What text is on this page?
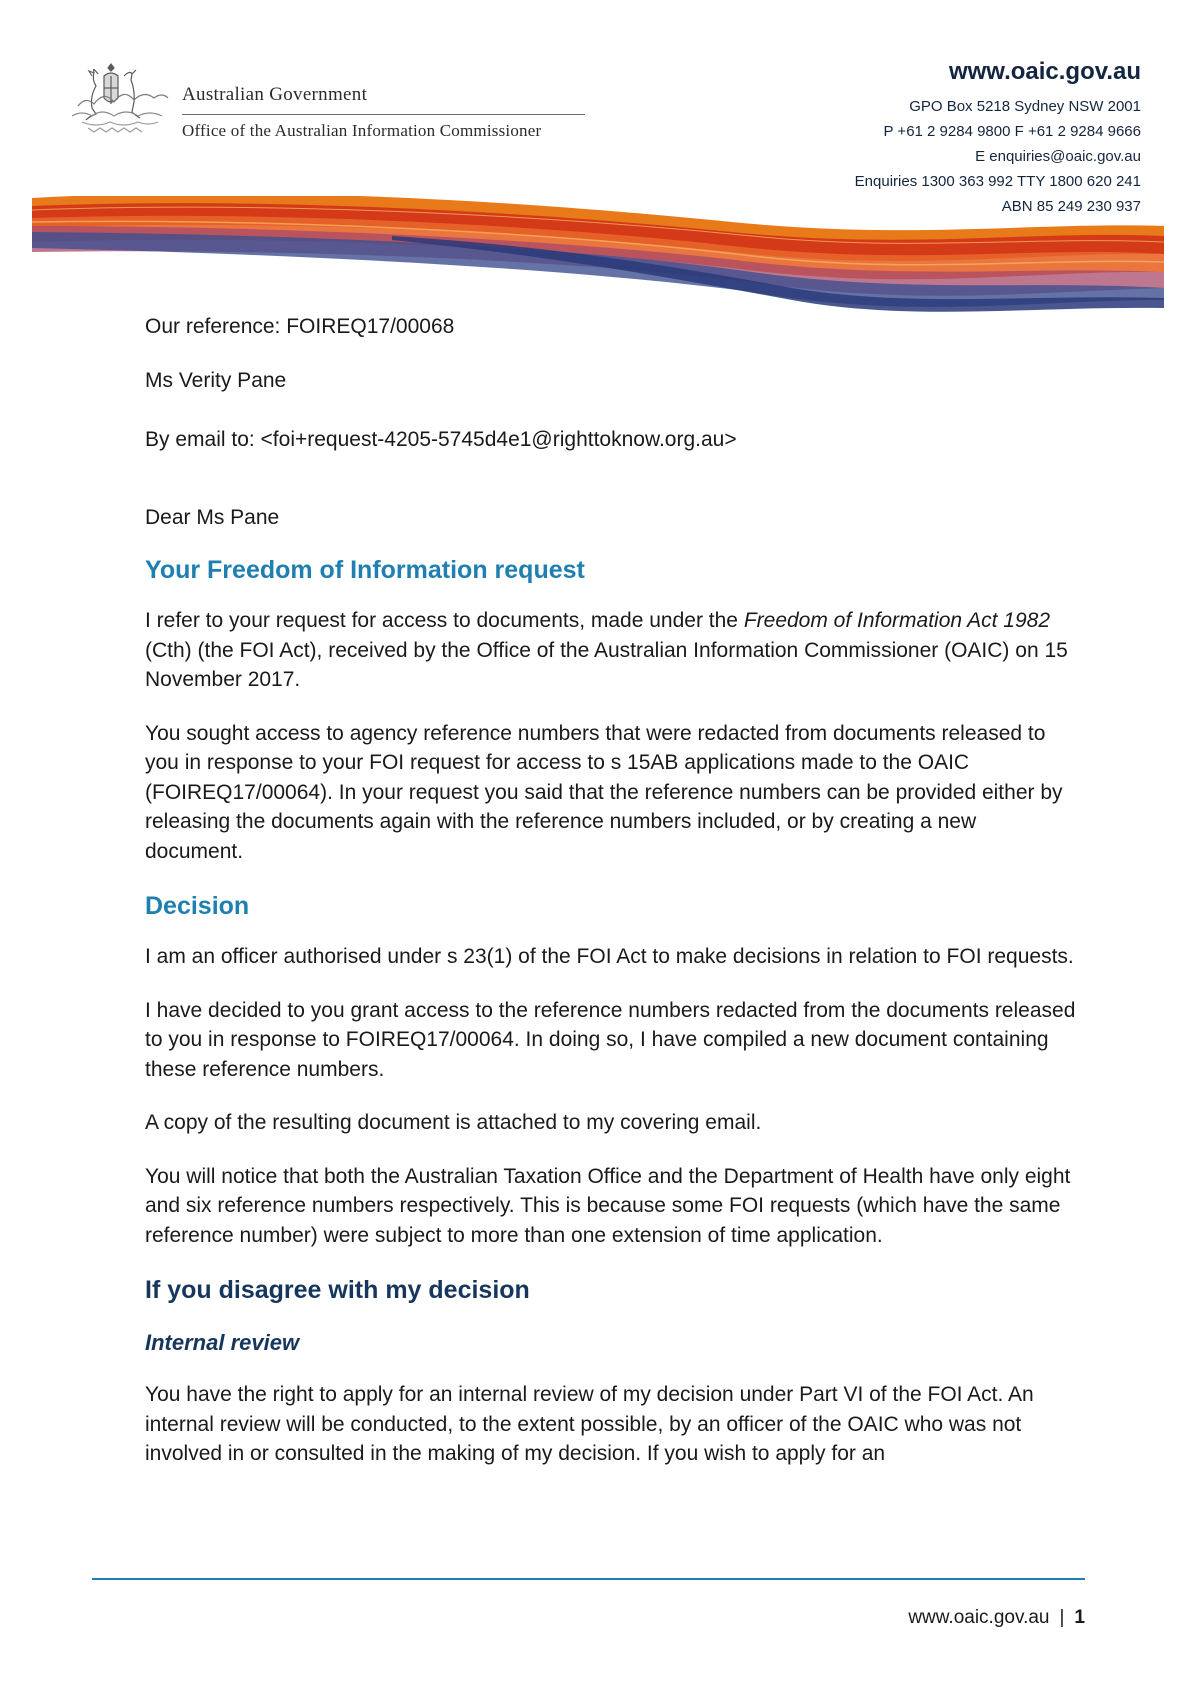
Australian Government
Office of the Australian Information Commissioner
www.oaic.gov.au
GPO Box 5218 Sydney NSW 2001
P +61 2 9284 9800 F +61 2 9284 9666
E enquiries@oaic.gov.au
Enquiries 1300 363 992 TTY 1800 620 241
ABN 85 249 230 937

Our reference: FOIREQ17/00068

Ms Verity Pane

By email to: <foi+request-4205-5745d4e1@righttoknow.org.au>

Dear Ms Pane

Your Freedom of Information request

I refer to your request for access to documents, made under the Freedom of Information Act 1982 (Cth) (the FOI Act), received by the Office of the Australian Information Commissioner (OAIC) on 15 November 2017.

You sought access to agency reference numbers that were redacted from documents released to you in response to your FOI request for access to s 15AB applications made to the OAIC (FOIREQ17/00064). In your request you said that the reference numbers can be provided either by releasing the documents again with the reference numbers included, or by creating a new document.

Decision

I am an officer authorised under s 23(1) of the FOI Act to make decisions in relation to FOI requests.

I have decided to you grant access to the reference numbers redacted from the documents released to you in response to FOIREQ17/00064. In doing so, I have compiled a new document containing these reference numbers.

A copy of the resulting document is attached to my covering email.

You will notice that both the Australian Taxation Office and the Department of Health have only eight and six reference numbers respectively. This is because some FOI requests (which have the same reference number) were subject to more than one extension of time application.

If you disagree with my decision
Internal review

You have the right to apply for an internal review of my decision under Part VI of the FOI Act. An internal review will be conducted, to the extent possible, by an officer of the OAIC who was not involved in or consulted in the making of my decision. If you wish to apply for an

www.oaic.gov.au | 1
